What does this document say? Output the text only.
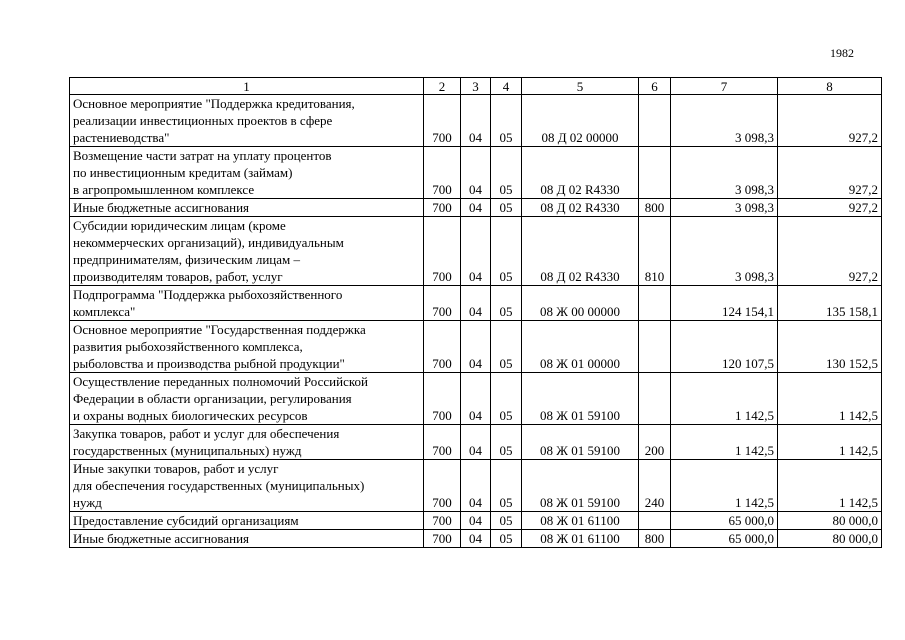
1982
1	2	3	4	5	6	7	8
Основное мероприятие "Поддержка кредитования,
реализации инвестиционных проектов в сфере
растениеводства"	700	04	05	08 Д 02 00000		3 098,3	927,2
Возмещение части затрат на уплату процентов
по инвестиционным кредитам (займам)
в агропромышленном комплексе	700	04	05	08 Д 02 R4330		3 098,3	927,2
Иные бюджетные ассигнования	700	04	05	08 Д 02 R4330	800	3 098,3	927,2
Субсидии юридическим лицам (кроме
некоммерческих организаций), индивидуальным
предпринимателям, физическим лицам –
производителям товаров, работ, услуг	700	04	05	08 Д 02 R4330	810	3 098,3	927,2
Подпрограмма "Поддержка рыбохозяйственного
комплекса"	700	04	05	08 Ж 00 00000		124 154,1	135 158,1
Основное мероприятие "Государственная поддержка
развития рыбохозяйственного комплекса,
рыболовства и производства рыбной продукции"	700	04	05	08 Ж 01 00000		120 107,5	130 152,5
Осуществление переданных полномочий Российской
Федерации в области организации, регулирования
и охраны водных биологических ресурсов	700	04	05	08 Ж 01 59100		1 142,5	1 142,5
Закупка товаров, работ и услуг для обеспечения
государственных (муниципальных) нужд	700	04	05	08 Ж 01 59100	200	1 142,5	1 142,5
Иные закупки товаров, работ и услуг
для обеспечения государственных (муниципальных)
нужд	700	04	05	08 Ж 01 59100	240	1 142,5	1 142,5
Предоставление субсидий организациям	700	04	05	08 Ж 01 61100		65 000,0	80 000,0
Иные бюджетные ассигнования	700	04	05	08 Ж 01 61100	800	65 000,0	80 000,0
